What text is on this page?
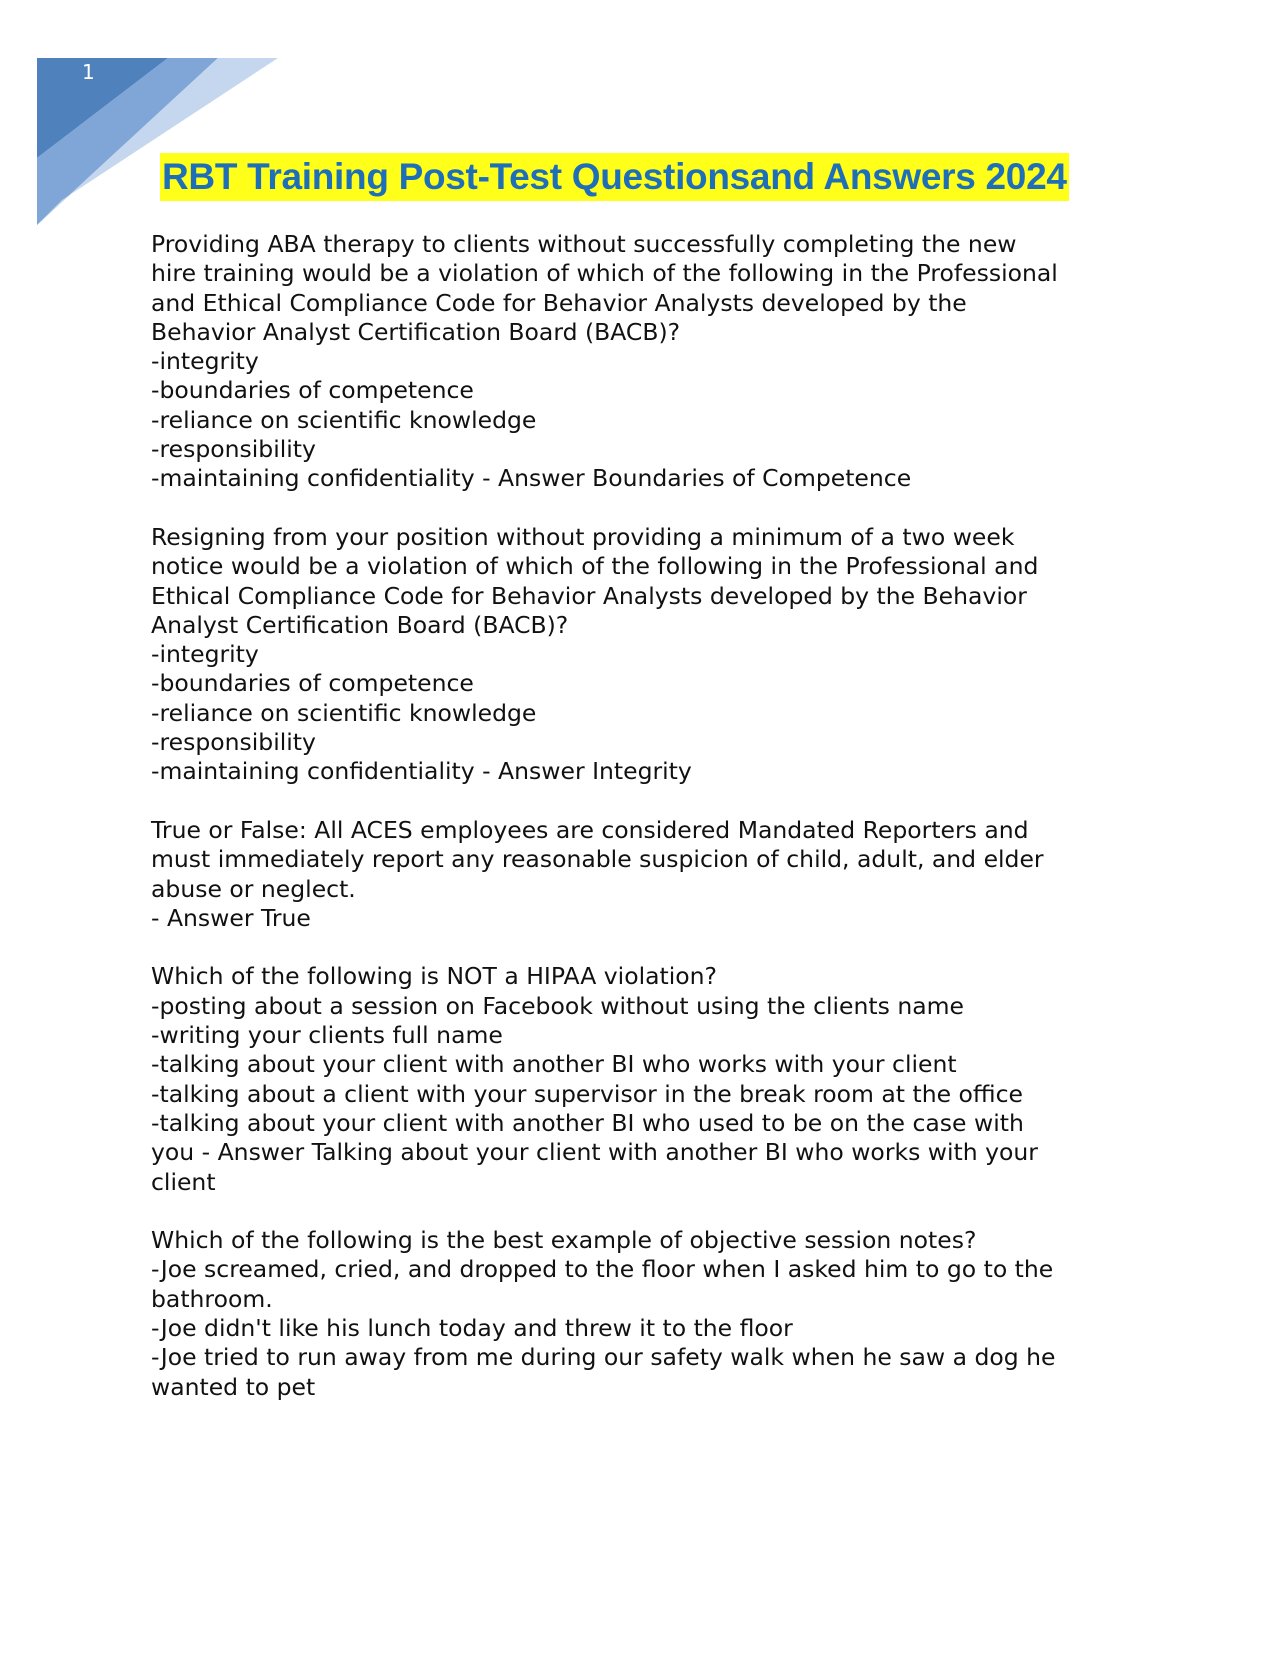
1
RBT Training Post-Test Questionsand Answers 2024
Providing ABA therapy to clients without successfully completing the new
hire training would be a violation of which of the following in the Professional
and Ethical Compliance Code for Behavior Analysts developed by the
Behavior Analyst Certification Board (BACB)?
-integrity
-boundaries of competence
-reliance on scientific knowledge
-responsibility
-maintaining confidentiality - Answer Boundaries of Competence
Resigning from your position without providing a minimum of a two week
notice would be a violation of which of the following in the Professional and
Ethical Compliance Code for Behavior Analysts developed by the Behavior
Analyst Certification Board (BACB)?
-integrity
-boundaries of competence
-reliance on scientific knowledge
-responsibility
-maintaining confidentiality - Answer Integrity
True or False: All ACES employees are considered Mandated Reporters and
must immediately report any reasonable suspicion of child, adult, and elder
abuse or neglect.
- Answer True
Which of the following is NOT a HIPAA violation?
-posting about a session on Facebook without using the clients name
-writing your clients full name
-talking about your client with another BI who works with your client
-talking about a client with your supervisor in the break room at the office
-talking about your client with another BI who used to be on the case with
you - Answer Talking about your client with another BI who works with your
client
Which of the following is the best example of objective session notes?
-Joe screamed, cried, and dropped to the floor when I asked him to go to the
bathroom.
-Joe didn't like his lunch today and threw it to the floor
-Joe tried to run away from me during our safety walk when he saw a dog he
wanted to pet
